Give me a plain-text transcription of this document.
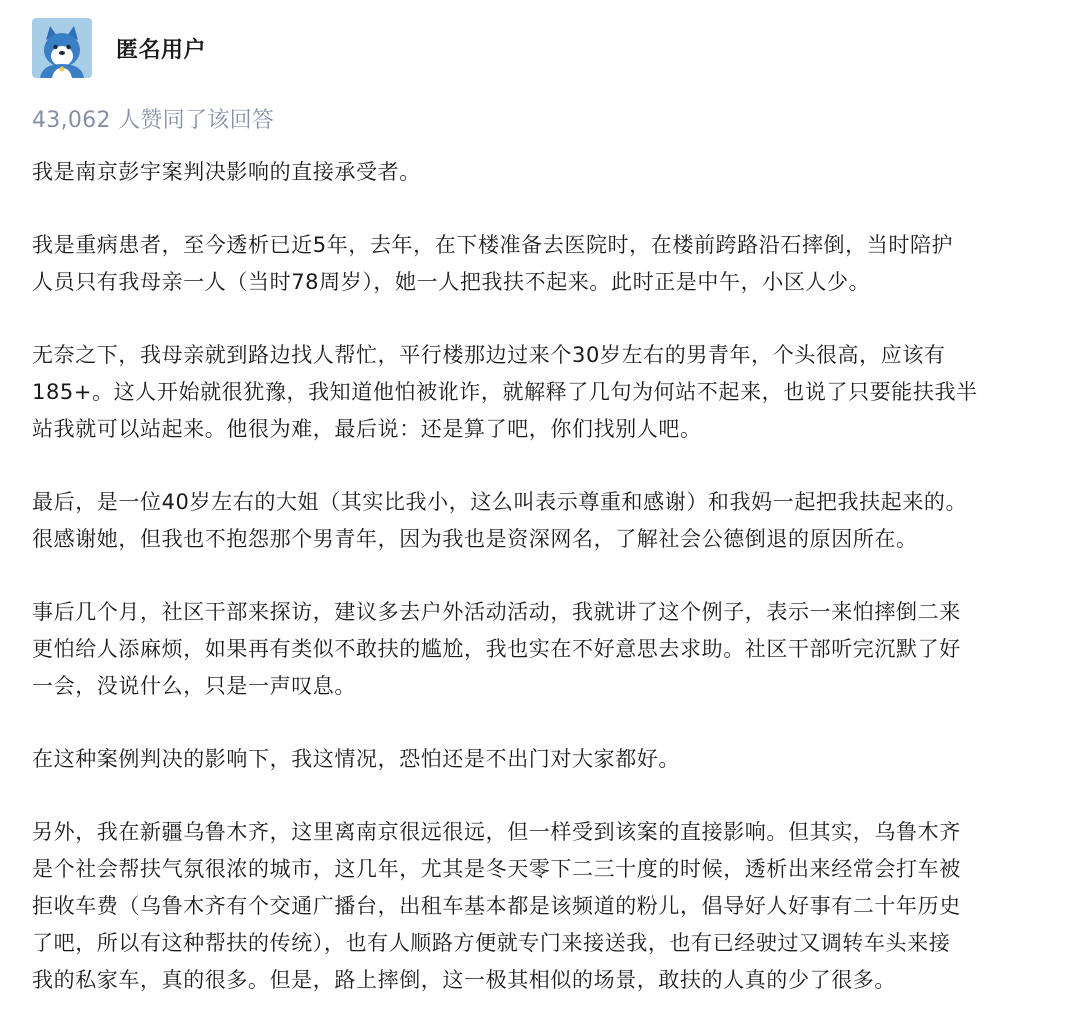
匿名用户
43,062 人赞同了该回答

我是南京彭宇案判决影响的直接承受者。

我是重病患者，至今透析已近5年，去年，在下楼准备去医院时，在楼前跨路沿石摔倒，当时陪护
人员只有我母亲一人（当时78周岁），她一人把我扶不起来。此时正是中午，小区人少。

无奈之下，我母亲就到路边找人帮忙，平行楼那边过来个30岁左右的男青年，个头很高，应该有
185+。这人开始就很犹豫，我知道他怕被讹诈，就解释了几句为何站不起来，也说了只要能扶我半
站我就可以站起来。他很为难，最后说：还是算了吧，你们找别人吧。

最后，是一位40岁左右的大姐（其实比我小，这么叫表示尊重和感谢）和我妈一起把我扶起来的。
很感谢她，但我也不抱怨那个男青年，因为我也是资深网名，了解社会公德倒退的原因所在。

事后几个月，社区干部来探访，建议多去户外活动活动，我就讲了这个例子，表示一来怕摔倒二来
更怕给人添麻烦，如果再有类似不敢扶的尴尬，我也实在不好意思去求助。社区干部听完沉默了好
一会，没说什么，只是一声叹息。

在这种案例判决的影响下，我这情况，恐怕还是不出门对大家都好。

另外，我在新疆乌鲁木齐，这里离南京很远很远，但一样受到该案的直接影响。但其实，乌鲁木齐
是个社会帮扶气氛很浓的城市，这几年，尤其是冬天零下二三十度的时候，透析出来经常会打车被
拒收车费（乌鲁木齐有个交通广播台，出租车基本都是该频道的粉儿，倡导好人好事有二十年历史
了吧，所以有这种帮扶的传统），也有人顺路方便就专门来接送我，也有已经驶过又调转车头来接
我的私家车，真的很多。但是，路上摔倒，这一极其相似的场景，敢扶的人真的少了很多。
